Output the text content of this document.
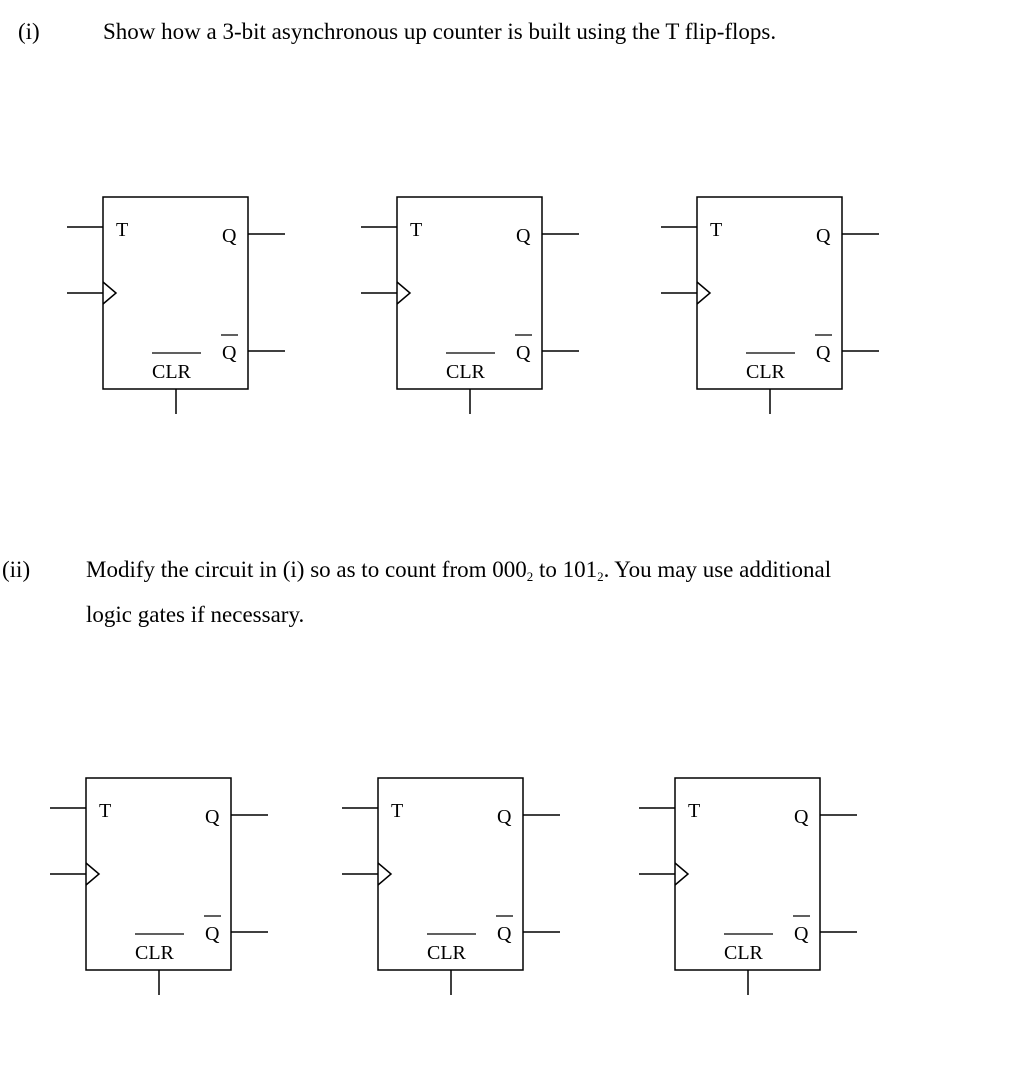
(i)	Show how a 3-bit asynchronous up counter is built using the T flip-flops.
(ii) Modify the circuit in (i) so as to count from $000_2$ to $101_2$. You may use additional
logic gates if necessary.
T	Q
Q
CLR
T	Q
Q
CLR
T	Q
Q
CLR
T	Q
Q
CLR
T	Q
Q
CLR
T	Q
Q
CLR
